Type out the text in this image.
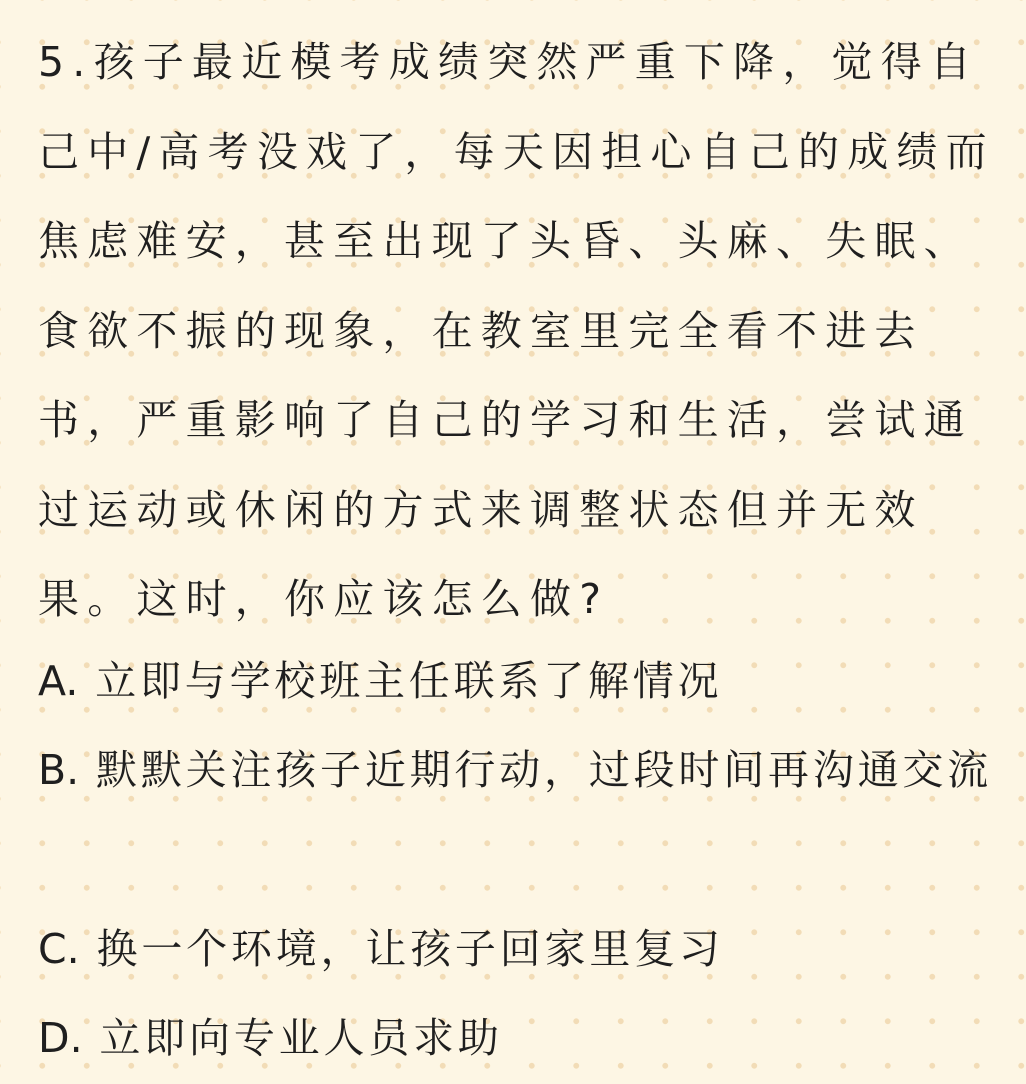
5.孩子最近模考成绩突然严重下降，觉得自己中/高考没戏了，每天因担心自己的成绩而焦虑难安，甚至出现了头昏、头麻、失眠、食欲不振的现象，在教室里完全看不进去书，严重影响了自己的学习和生活，尝试通过运动或休闲的方式来调整状态但并无效果。这时，你应该怎么做?

A. 立即与学校班主任联系了解情况

B. 默默关注孩子近期行动，过段时间再沟通交流

C. 换一个环境，让孩子回家里复习

D. 立即向专业人员求助
